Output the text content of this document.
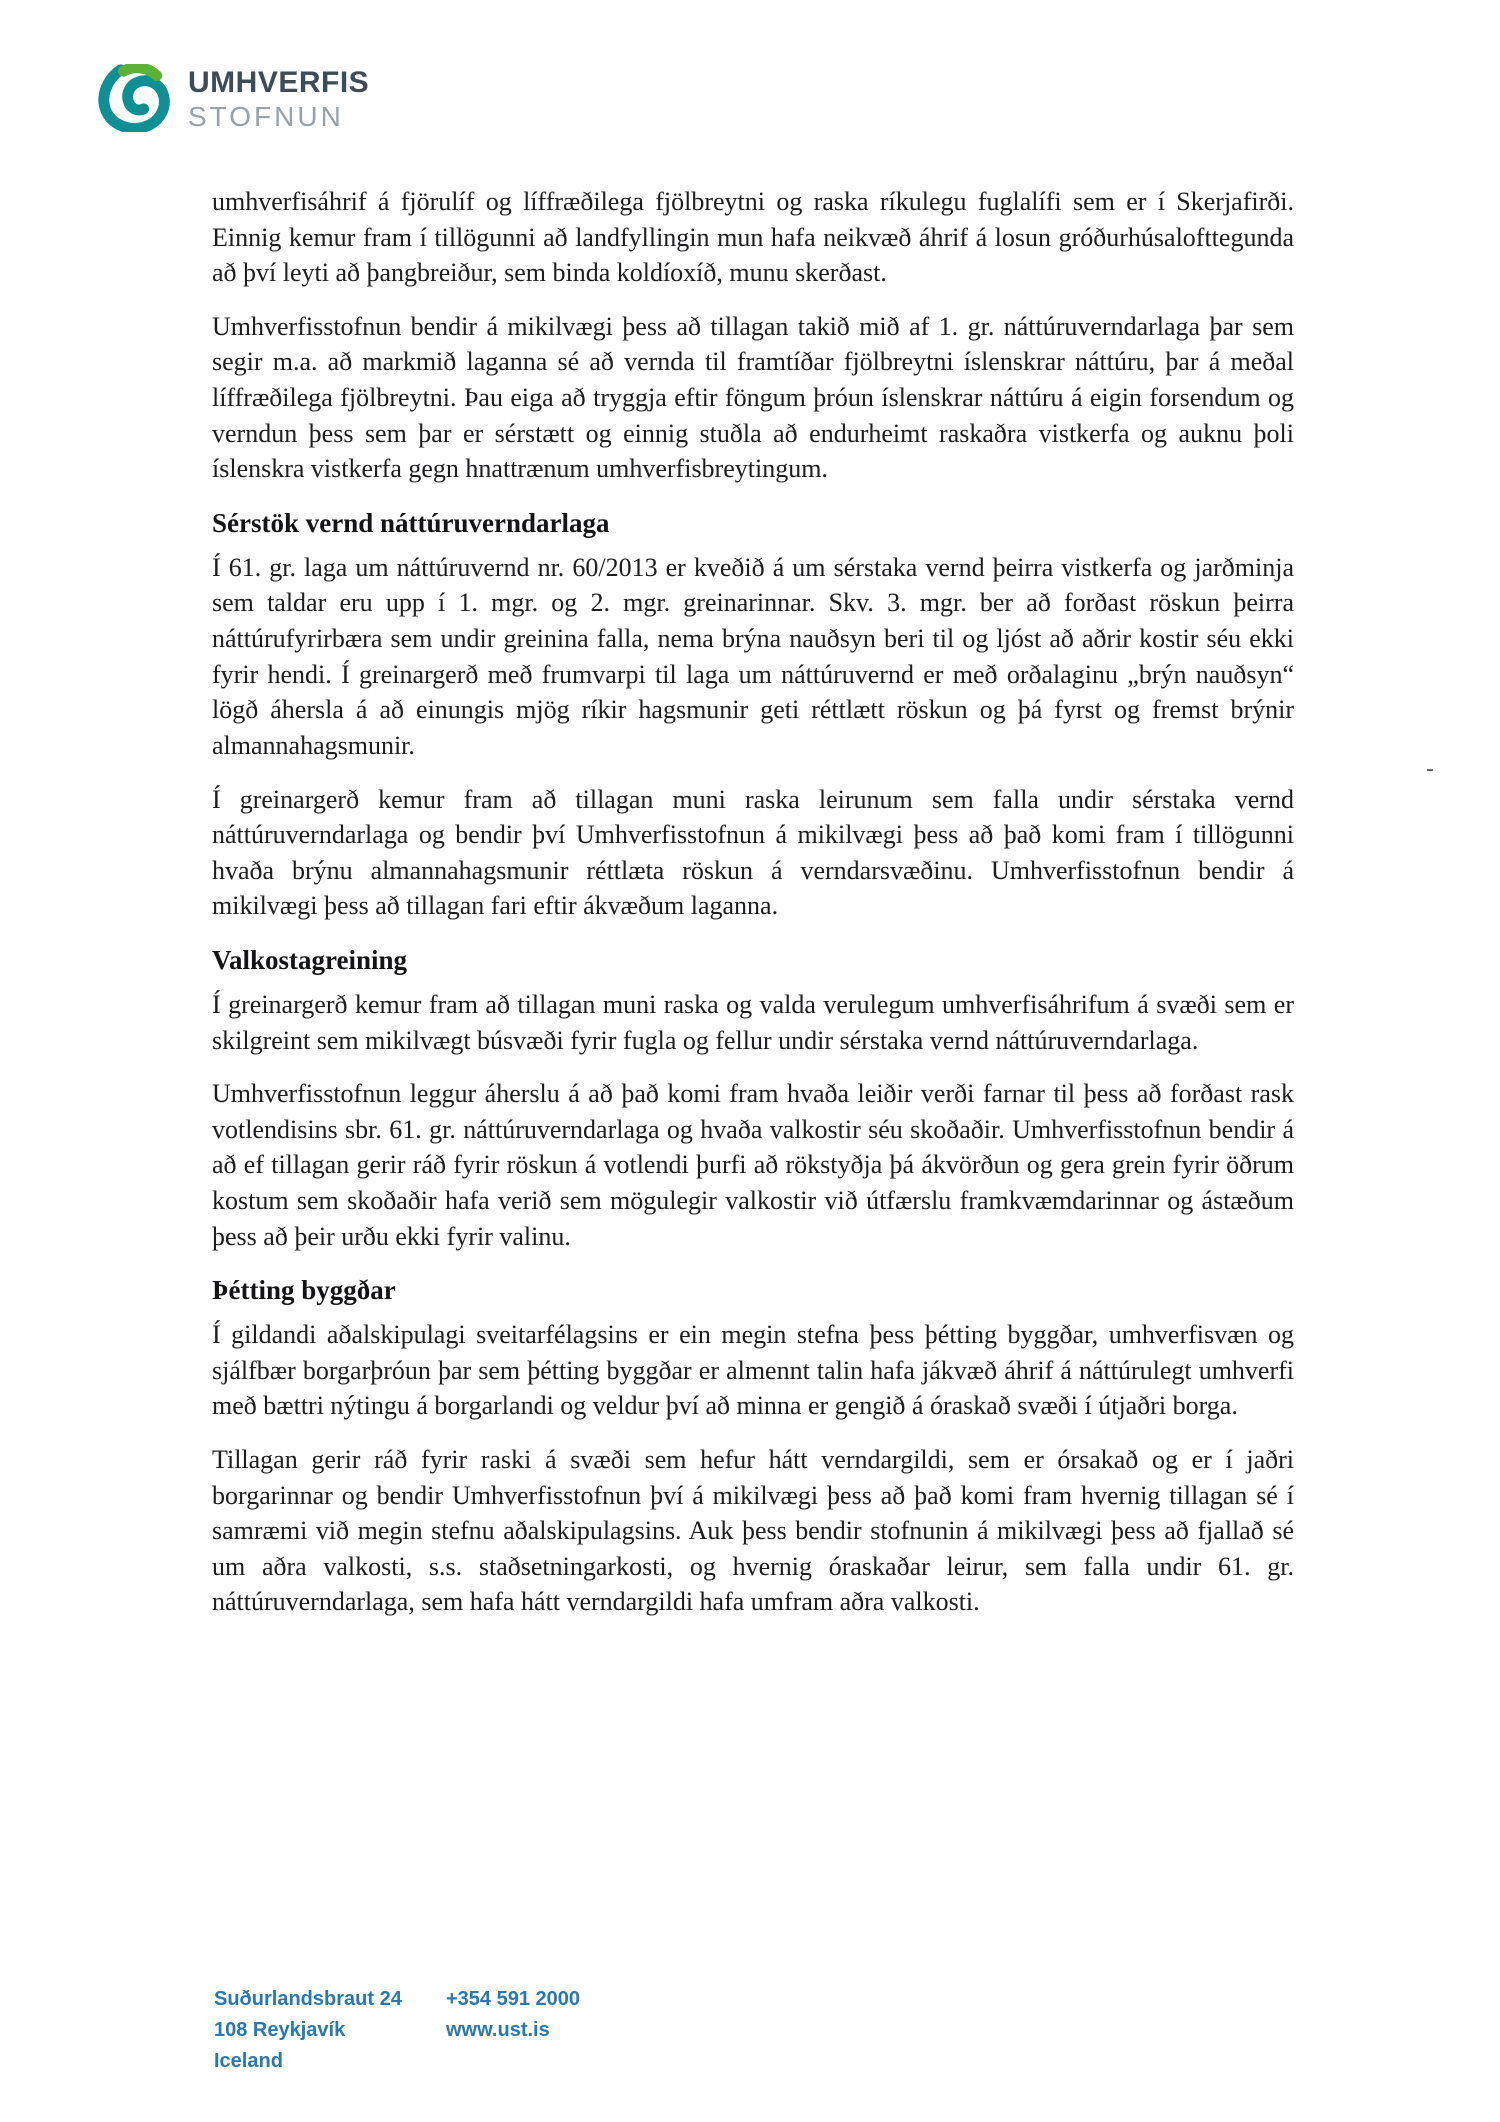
UMHVERFIS
STOFNUN

umhverfisáhrif á fjörulíf og líffræðilega fjölbreytni og raska ríkulegu fuglalífi sem er í Skerjafirði. Einnig kemur fram í tillögunni að landfyllingin mun hafa neikvæð áhrif á losun gróðurhúsalofttegunda að því leyti að þangbreiður, sem binda koldíoxíð, munu skerðast.

Umhverfisstofnun bendir á mikilvægi þess að tillagan takið mið af 1. gr. náttúruverndarlaga þar sem segir m.a. að markmið laganna sé að vernda til framtíðar fjölbreytni íslenskrar náttúru, þar á meðal líffræðilega fjölbreytni. Þau eiga að tryggja eftir föngum þróun íslenskrar náttúru á eigin forsendum og verndun þess sem þar er sérstætt og einnig stuðla að endurheimt raskaðra vistkerfa og auknu þoli íslenskra vistkerfa gegn hnattrænum umhverfisbreytingum.

Sérstök vernd náttúruverndarlaga

Í 61. gr. laga um náttúruvernd nr. 60/2013 er kveðið á um sérstaka vernd þeirra vistkerfa og jarðminja sem taldar eru upp í 1. mgr. og 2. mgr. greinarinnar. Skv. 3. mgr. ber að forðast röskun þeirra náttúrufyrirbæra sem undir greinina falla, nema brýna nauðsyn beri til og ljóst að aðrir kostir séu ekki fyrir hendi. Í greinargerð með frumvarpi til laga um náttúruvernd er með orðalaginu „brýn nauðsyn“ lögð áhersla á að einungis mjög ríkir hagsmunir geti réttlætt röskun og þá fyrst og fremst brýnir almannahagsmunir.

Í greinargerð kemur fram að tillagan muni raska leirunum sem falla undir sérstaka vernd náttúruverndarlaga og bendir því Umhverfisstofnun á mikilvægi þess að það komi fram í tillögunni hvaða brýnu almannahagsmunir réttlæta röskun á verndarsvæðinu. Umhverfisstofnun bendir á mikilvægi þess að tillagan fari eftir ákvæðum laganna.

Valkostagreining

Í greinargerð kemur fram að tillagan muni raska og valda verulegum umhverfisáhrifum á svæði sem er skilgreint sem mikilvægt búsvæði fyrir fugla og fellur undir sérstaka vernd náttúruverndarlaga.

Umhverfisstofnun leggur áherslu á að það komi fram hvaða leiðir verði farnar til þess að forðast rask votlendisins sbr. 61. gr. náttúruverndarlaga og hvaða valkostir séu skoðaðir. Umhverfisstofnun bendir á að ef tillagan gerir ráð fyrir röskun á votlendi þurfi að rökstyðja þá ákvörðun og gera grein fyrir öðrum kostum sem skoðaðir hafa verið sem mögulegir valkostir við útfærslu framkvæmdarinnar og ástæðum þess að þeir urðu ekki fyrir valinu.

Þétting byggðar

Í gildandi aðalskipulagi sveitarfélagsins er ein megin stefna þess þétting byggðar, umhverfisvæn og sjálfbær borgarþróun þar sem þétting byggðar er almennt talin hafa jákvæð áhrif á náttúrulegt umhverfi með bættri nýtingu á borgarlandi og veldur því að minna er gengið á óraskað svæði í útjaðri borga.

Tillagan gerir ráð fyrir raski á svæði sem hefur hátt verndargildi, sem er órsakað og er í jaðri borgarinnar og bendir Umhverfisstofnun því á mikilvægi þess að það komi fram hvernig tillagan sé í samræmi við megin stefnu aðalskipulagsins. Auk þess bendir stofnunin á mikilvægi þess að fjallað sé um aðra valkosti, s.s. staðsetningarkosti, og hvernig óraskaðar leirur, sem falla undir 61. gr. náttúruverndarlaga, sem hafa hátt verndargildi hafa umfram aðra valkosti.

-
Suðurlandsbraut 24
108 Reykjavík
Iceland
+354 591 2000
www.ust.is
